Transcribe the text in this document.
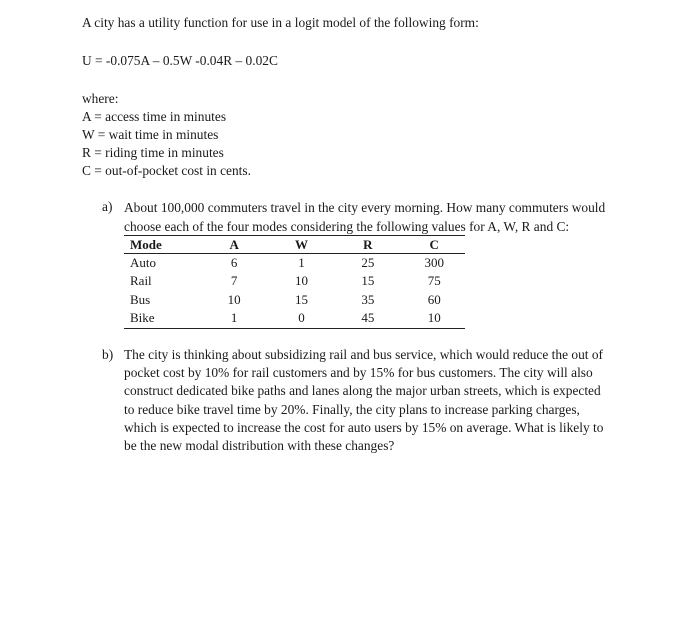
A city has a utility function for use in a logit model of the following form:
U = -0.075A – 0.5W -0.04R – 0.02C
where:
A = access time in minutes
W = wait time in minutes
R = riding time in minutes
C = out-of-pocket cost in cents.
a) About 100,000 commuters travel in the city every morning. How many commuters would
choose each of the four modes considering the following values for A, W, R and C:
Mode	A	W	R	C
Auto	6	1	25	300
Rail	7	10	15	75
Bus	10	15	35	60
Bike	1	0	45	10
b) The city is thinking about subsidizing rail and bus service, which would reduce the out of
pocket cost by 10% for rail customers and by 15% for bus customers. The city will also
construct dedicated bike paths and lanes along the major urban streets, which is expected
to reduce bike travel time by 20%. Finally, the city plans to increase parking charges,
which is expected to increase the cost for auto users by 15% on average. What is likely to
be the new modal distribution with these changes?
